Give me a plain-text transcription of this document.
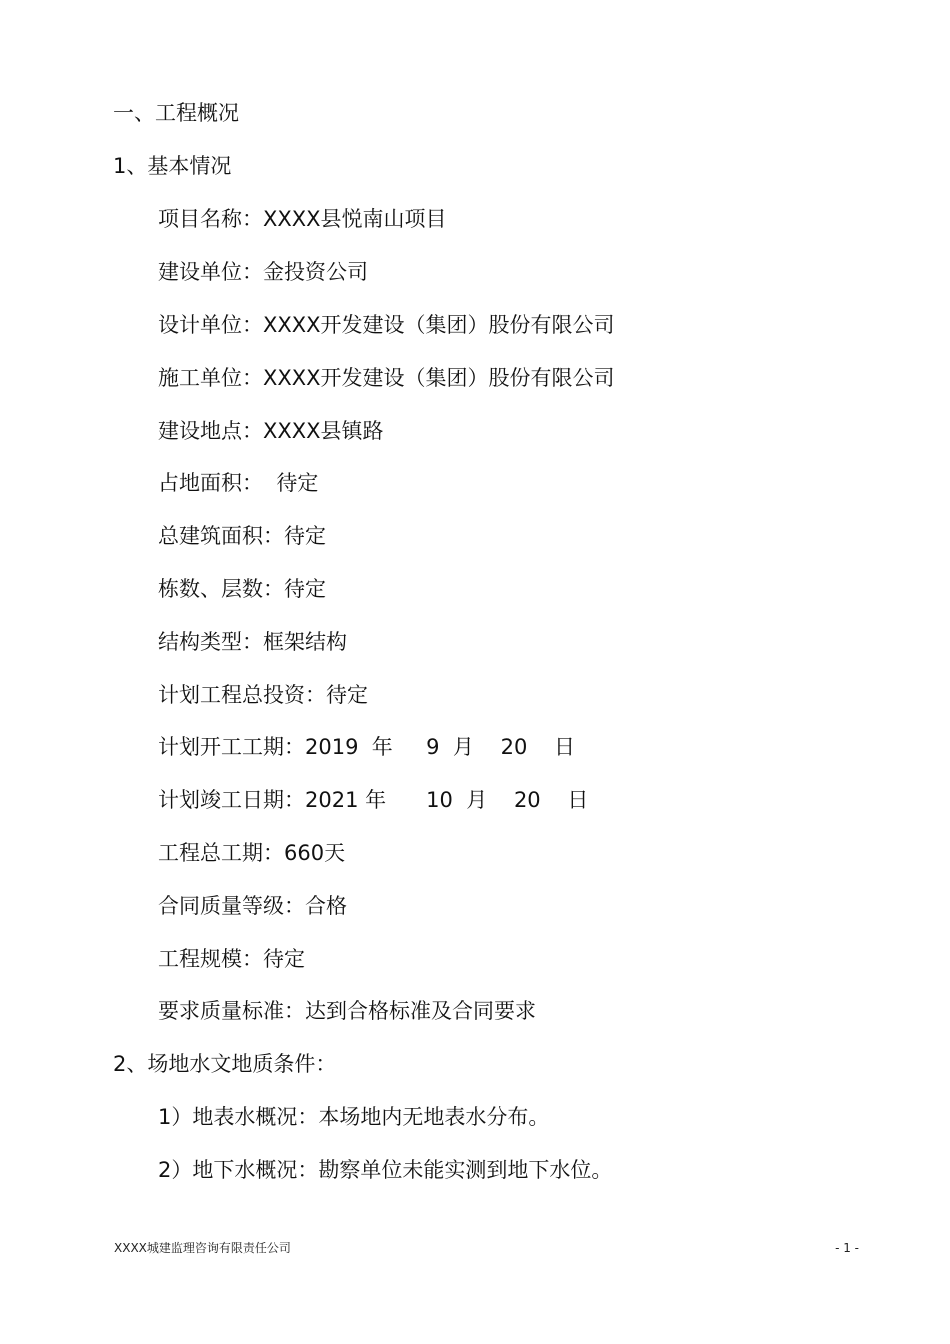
一、工程概况
1、基本情况
项目名称：XXXX县悦南山项目
建设单位：金投资公司
设计单位：XXXX开发建设（集团）股份有限公司
施工单位：XXXX开发建设（集团）股份有限公司
建设地点：XXXX县镇路
占地面积：  待定
总建筑面积：待定
栋数、层数：待定
结构类型：框架结构
计划工程总投资：待定
计划开工工期：2019  年     9  月    20    日
计划竣工日期：2021 年      10  月    20    日
工程总工期：660天
合同质量等级：合格
工程规模：待定
要求质量标准：达到合格标准及合同要求
2、场地水文地质条件：
1）地表水概况：本场地内无地表水分布。
2）地下水概况：勘察单位未能实测到地下水位。
XXXX城建监理咨询有限责任公司	- 1 -
